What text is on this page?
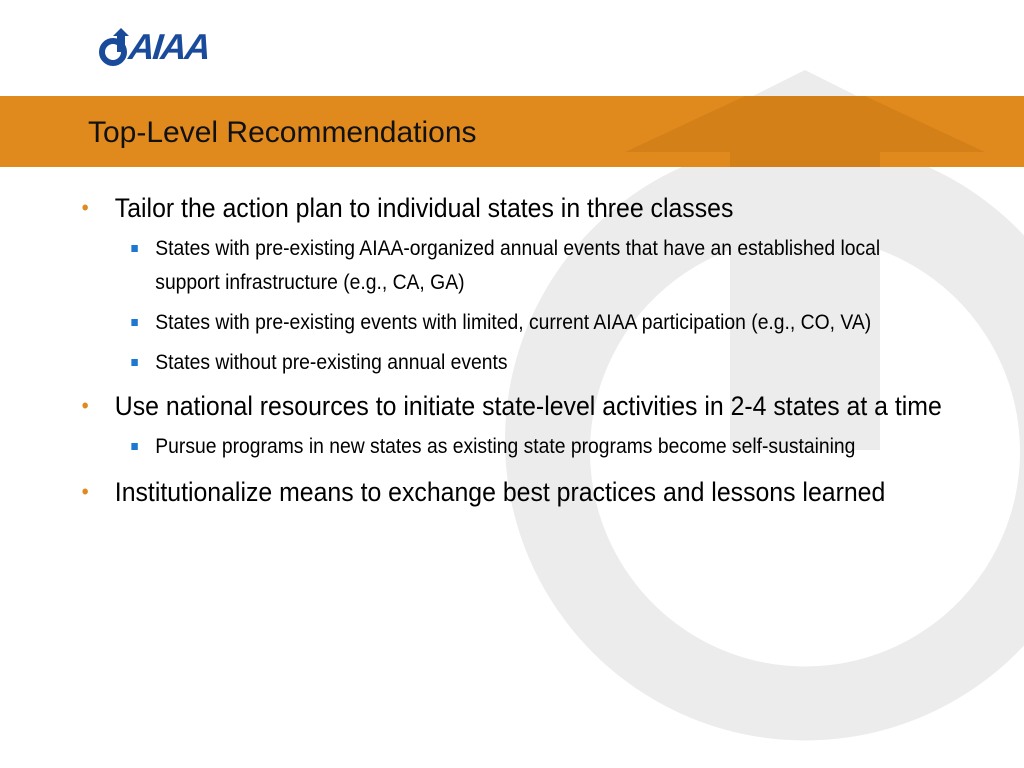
AIAA
Top-Level Recommendations
• Tailor the action plan to individual states in three classes
States with pre-existing AIAA-organized annual events that have an established local support infrastructure (e.g., CA, GA)
States with pre-existing events with limited, current AIAA participation (e.g., CO, VA)
States without pre-existing annual events
• Use national resources to initiate state-level activities in 2-4 states at a time
Pursue programs in new states as existing state programs become self-sustaining
• Institutionalize means to exchange best practices and lessons learned
